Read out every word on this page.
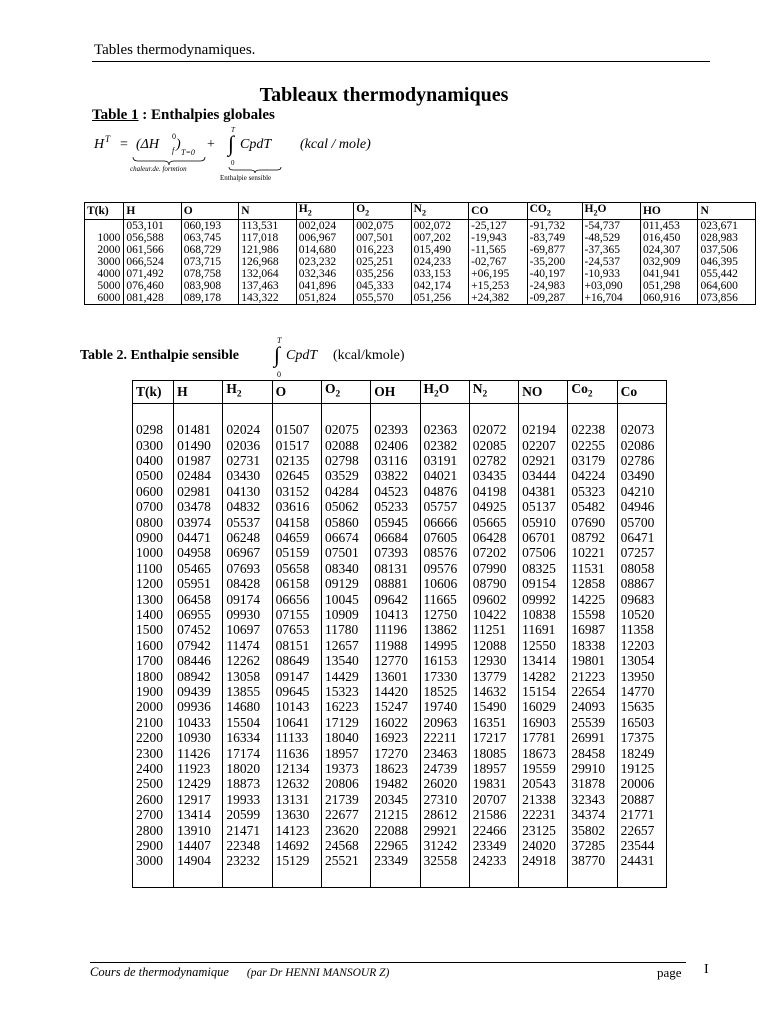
Tables thermodynamiques.
Tableaux thermodynamiques
Table 1 : Enthalpies globales
H T = (ΔH
0
f )
T=0
chaleur.de. formtion
+
T
∫
0
CpdT
Enthalpie sensible
(kcal / mole)
T(k)	H	O	N	$H_2$	$O_2$	$N_2$	CO	$CO_2$	$H_2O$	HO	N
	053,101	060,193	113,531	002,024	002,075	002,072	-25,127	-91,732	-54,737	011,453	023,671
1000	056,588	063,745	117,018	006,967	007,501	007,202	-19,943	-83,749	-48,529	016,450	028,983
2000	061,566	068,729	121,986	014,680	016,223	015,490	-11,565	-69,877	-37,365	024,307	037,506
3000	066,524	073,715	126,968	023,232	025,251	024,233	-02,767	-35,200	-24,537	032,909	046,395
4000	071,492	078,758	132,064	032,346	035,256	033,153	+06,195	-40,197	-10,933	041,941	055,442
5000	076,460	083,908	137,463	041,896	045,333	042,174	+15,253	-24,983	+03,090	051,298	064,600
6000	081,428	089,178	143,322	051,824	055,570	051,256	+24,382	-09,287	+16,704	060,916	073,856
Table 2. Enthalpie sensible
T
∫
0
CpdT (kcal/kmole)
T(k)	H	$H_2$	O	$O_2$	OH	$H_2O$	$N_2$	NO	$Co_2$	Co
0298	01481	02024	01507	02075	02393	02363	02072	02194	02238	02073
0300	01490	02036	01517	02088	02406	02382	02085	02207	02255	02086
0400	01987	02731	02135	02798	03116	03191	02782	02921	03179	02786
0500	02484	03430	02645	03529	03822	04021	03435	03444	04224	03490
0600	02981	04130	03152	04284	04523	04876	04198	04381	05323	04210
0700	03478	04832	03616	05062	05233	05757	04925	05137	05482	04946
0800	03974	05537	04158	05860	05945	06666	05665	05910	07690	05700
0900	04471	06248	04659	06674	06684	07605	06428	06701	08792	06471
1000	04958	06967	05159	07501	07393	08576	07202	07506	10221	07257
1100	05465	07693	05658	08340	08131	09576	07990	08325	11531	08058
1200	05951	08428	06158	09129	08881	10606	08790	09154	12858	08867
1300	06458	09174	06656	10045	09642	11665	09602	09992	14225	09683
1400	06955	09930	07155	10909	10413	12750	10422	10838	15598	10520
1500	07452	10697	07653	11780	11196	13862	11251	11691	16987	11358
1600	07942	11474	08151	12657	11988	14995	12088	12550	18338	12203
1700	08446	12262	08649	13540	12770	16153	12930	13414	19801	13054
1800	08942	13058	09147	14429	13601	17330	13779	14282	21223	13950
1900	09439	13855	09645	15323	14420	18525	14632	15154	22654	14770
2000	09936	14680	10143	16223	15247	19740	15490	16029	24093	15635
2100	10433	15504	10641	17129	16022	20963	16351	16903	25539	16503
2200	10930	16334	11133	18040	16923	22211	17217	17781	26991	17375
2300	11426	17174	11636	18957	17270	23463	18085	18673	28458	18249
2400	11923	18020	12134	19373	18623	24739	18957	19559	29910	19125
2500	12429	18873	12632	20806	19482	26020	19831	20543	31878	20006
2600	12917	19933	13131	21739	20345	27310	20707	21338	32343	20887
2700	13414	20599	13630	22677	21215	28612	21586	22231	34374	21771
2800	13910	21471	14123	23620	22088	29921	22466	23125	35802	22657
2900	14407	22348	14692	24568	22965	31242	23349	24020	37285	23544
3000	14904	23232	15129	25521	23349	32558	24233	24918	38770	24431
Cours de thermodynamique (par Dr HENNI MANSOUR Z)	page I
